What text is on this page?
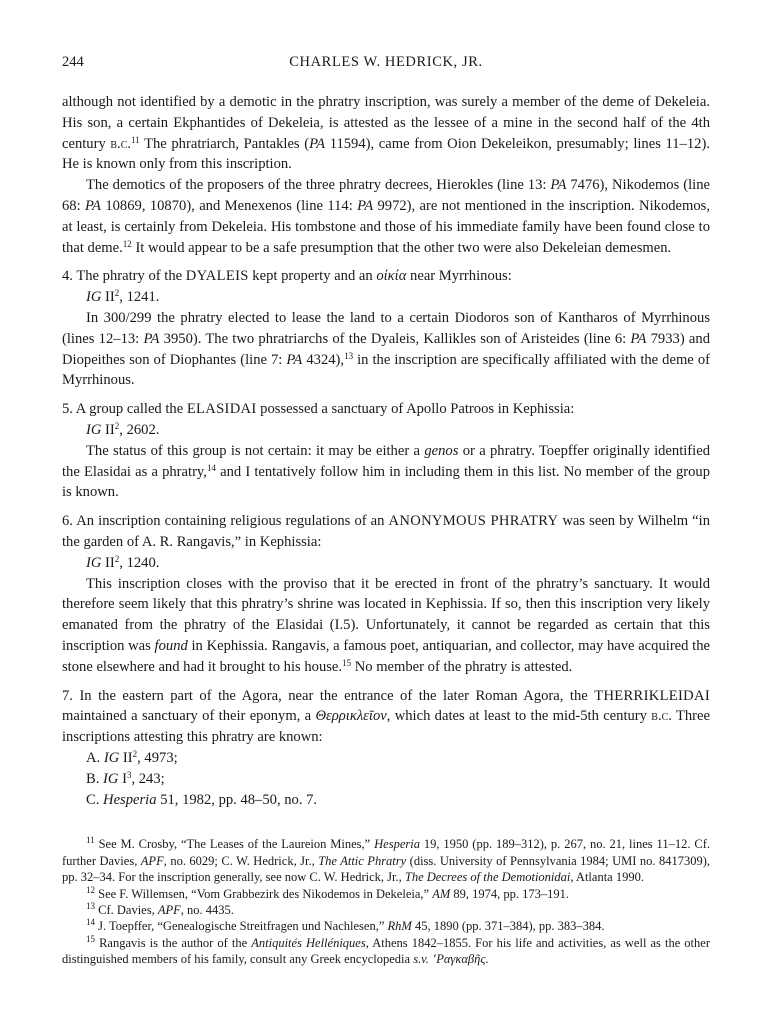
244	CHARLES W. HEDRICK, JR.

although not identified by a demotic in the phratry inscription, was surely a member of the deme of Dekeleia. His son, a certain Ekphantides of Dekeleia, is attested as the lessee of a mine in the second half of the 4th century b.c.$^{11}$ The phratriarch, Pantakles (PA 11594), came from Oion Dekeleikon, presumably; lines 11–12). He is known only from this inscription.

The demotics of the proposers of the three phratry decrees, Hierokles (line 13: PA 7476), Nikodemos (line 68: PA 10869, 10870), and Menexenos (line 114: PA 9972), are not mentioned in the inscription. Nikodemos, at least, is certainly from Dekeleia. His tombstone and those of his immediate family have been found close to that deme.$^{12}$ It would appear to be a safe presumption that the other two were also Dekeleian demesmen.

4. The phratry of the DYALEIS kept property and an οἰκία near Myrrhinous:

IG $II^2$, 1241.

In 300/299 the phratry elected to lease the land to a certain Diodoros son of Kantharos of Myrrhinous (lines 12–13: PA 3950). The two phratriarchs of the Dyaleis, Kallikles son of Aristeides (line 6: PA 7933) and Diopeithes son of Diophantes (line 7: PA 4324),$^{13}$ in the inscription are specifically affiliated with the deme of Myrrhinous.

5. A group called the ELASIDAI possessed a sanctuary of Apollo Patroos in Kephissia:

IG $II^2$, 2602.

The status of this group is not certain: it may be either a genos or a phratry. Toepffer originally identified the Elasidai as a phratry,$^{14}$ and I tentatively follow him in including them in this list. No member of the group is known.

6. An inscription containing religious regulations of an ANONYMOUS PHRATRY was seen by Wilhelm “in the garden of A. R. Rangavis,” in Kephissia:

IG $II^2$, 1240.

This inscription closes with the proviso that it be erected in front of the phratry’s sanctuary. It would therefore seem likely that this phratry’s shrine was located in Kephissia. If so, then this inscription very likely emanated from the phratry of the Elasidai (I.5). Unfortunately, it cannot be regarded as certain that this inscription was found in Kephissia. Rangavis, a famous poet, antiquarian, and collector, may have acquired the stone elsewhere and had it brought to his house.$^{15}$ No member of the phratry is attested.

7. In the eastern part of the Agora, near the entrance of the later Roman Agora, the THERRIKLEIDAI maintained a sanctuary of their eponym, a Θερρικλεῖον, which dates at least to the mid-5th century b.c. Three inscriptions attesting this phratry are known:

A. IG $II^2$, 4973;

B. IG $I^3$, 243;

C. Hesperia 51, 1982, pp. 48–50, no. 7.

$^{11}$ See M. Crosby, “The Leases of the Laureion Mines,” Hesperia 19, 1950 (pp. 189–312), p. 267, no. 21, lines 11–12. Cf. further Davies, APF, no. 6029; C. W. Hedrick, Jr., The Attic Phratry (diss. University of Pennsylvania 1984; UMI no. 8417309), pp. 32–34. For the inscription generally, see now C. W. Hedrick, Jr., The Decrees of the Demotionidai, Atlanta 1990.

$^{12}$ See F. Willemsen, “Vom Grabbezirk des Nikodemos in Dekeleia,” AM 89, 1974, pp. 173–191.

$^{13}$ Cf. Davies, APF, no. 4435.

$^{14}$ J. Toepffer, “Genealogische Streitfragen und Nachlesen,” RhM 45, 1890 (pp. 371–384), pp. 383–384.

$^{15}$ Rangavis is the author of the Antiquités Helléniques, Athens 1842–1855. For his life and activities, as well as the other distinguished members of his family, consult any Greek encyclopedia s.v. ʽΡαγκαβῆς.
